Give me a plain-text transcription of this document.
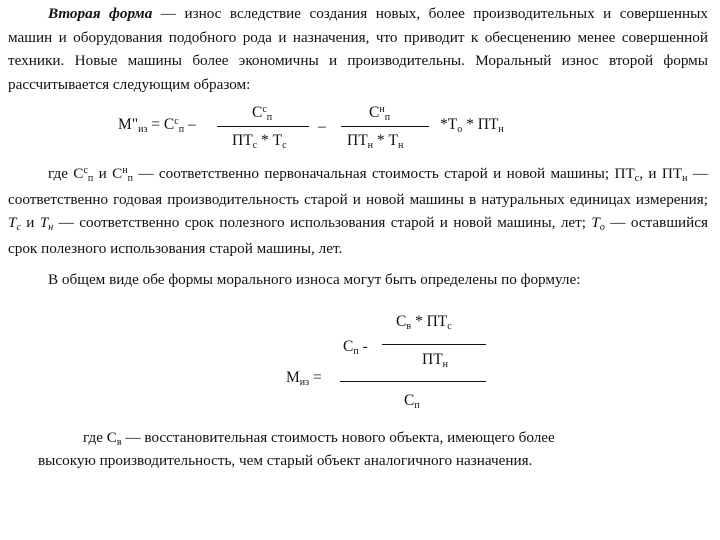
Вторая форма — износ вследствие создания новых, более производительных и совершенных машин и оборудования подобного рода и назначения, что приводит к обесценению менее совершенной техники. Новые машины более экономичны и производительны. Моральный износ второй формы рассчитывается следующим образом:

M"из = $C^сп$ –
$C^сп$
ПТс * Tс
–
$C^нп$
ПТн * Tн
*Tо * ПТн

где $C^сп$ и $C^нп$ — соответственно первоначальная стоимость старой и новой машины; ПТс, и ПТн — соответственно годовая производительность старой и новой машины в натуральных единицах измерения; Tс и Tн — соответственно срок полезного использования старой и новой машины, лет; Tо — оставшийся срок полезного использования старой машины, лет.

В общем виде обе формы морального износа могут быть определены по формуле:

Cв * ПТс
Cп -
ПТн
Mиз =
Cп
где Cв — восстановительная стоимость нового объекта, имеющего более
высокую производительность, чем старый объект аналогичного назначения.
